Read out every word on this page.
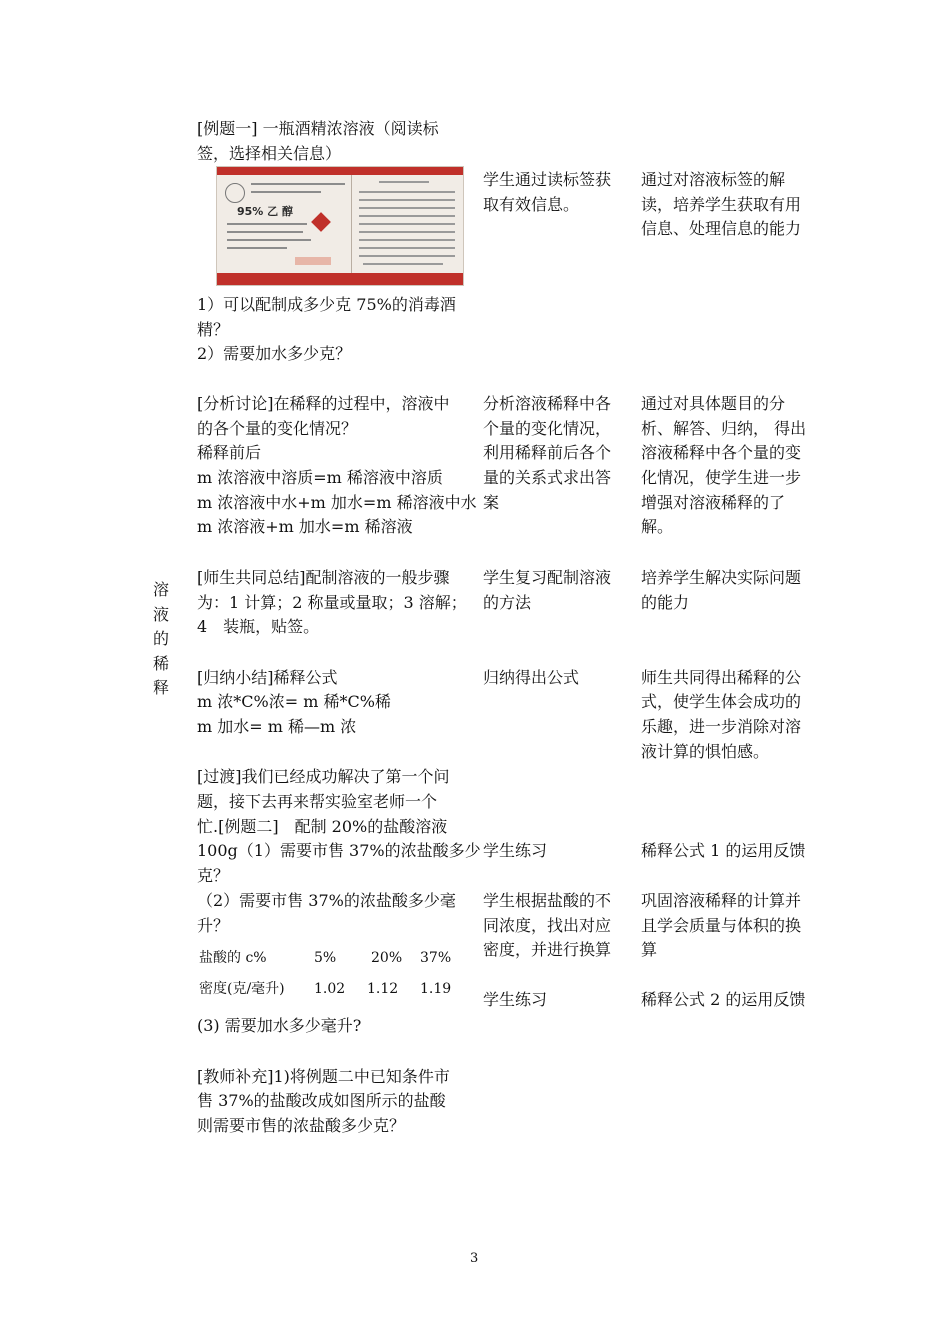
溶
液
的
稀
释
[例题一] 一瓶酒精浓溶液（阅读标
签，选择相关信息）
95% 乙 醇
1）可以配制成多少克 75%的消毒酒
精？
2）需要加水多少克？
[分析讨论]在稀释的过程中，溶液中
的各个量的变化情况？
稀释前后
m 浓溶液中溶质=m 稀溶液中溶质
m 浓溶液中水+m 加水=m 稀溶液中水
m 浓溶液+m 加水=m 稀溶液
[师生共同总结]配制溶液的一般步骤
为：1 计算；2 称量或量取；3 溶解；
4　装瓶，贴签。
[归纳小结]稀释公式
m 浓*C%浓= m 稀*C%稀
m 加水= m 稀—m 浓
[过渡]我们已经成功解决了第一个问
题，接下去再来帮实验室老师一个
忙.[例题二]　配制 20%的盐酸溶液
100g（1）需要市售 37%的浓盐酸多少
克？
（2）需要市售 37%的浓盐酸多少毫
升？
盐酸的 c%	5% 20% 37%
密度(克/毫升) 1.02 1.12 1.19
(3) 需要加水多少毫升?
[教师补充]1)将例题二中已知条件市
售 37%的盐酸改成如图所示的盐酸
则需要市售的浓盐酸多少克？
学生通过读标签获
取有效信息。
分析溶液稀释中各
个量的变化情况，
利用稀释前后各个
量的关系式求出答
案
学生复习配制溶液
的方法
归纳得出公式
学生练习
学生根据盐酸的不
同浓度，找出对应
密度，并进行换算
学生练习
通过对溶液标签的解
读，培养学生获取有用
信息、处理信息的能力
通过对具体题目的分
析、解答、归纳， 得出
溶液稀释中各个量的变
化情况，使学生进一步
增强对溶液稀释的了
解。
培养学生解决实际问题
的能力
师生共同得出稀释的公
式，使学生体会成功的
乐趣，进一步消除对溶
液计算的惧怕感。
稀释公式 1 的运用反馈
巩固溶液稀释的计算并
且学会质量与体积的换
算
稀释公式 2 的运用反馈
3
